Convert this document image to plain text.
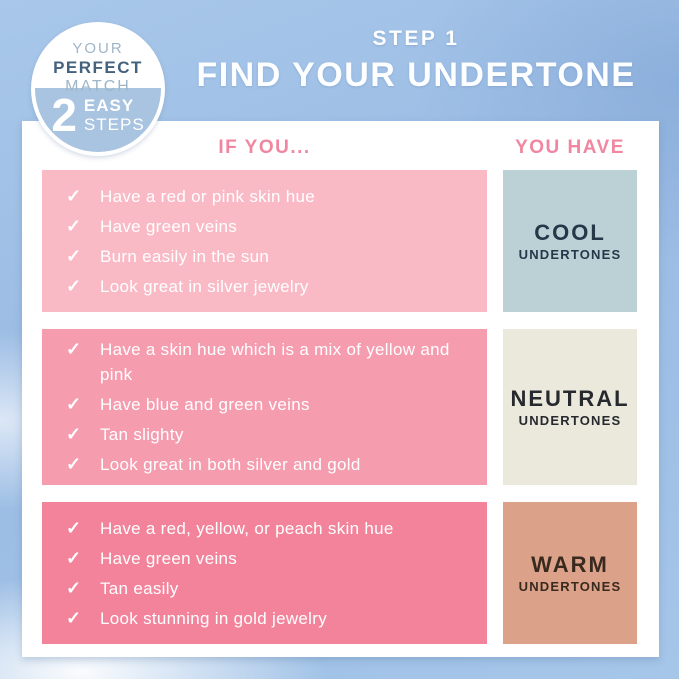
YOUR
PERFECT
MATCH
2 EASY
STEPS
STEP 1
FIND YOUR UNDERTONE
IF YOU...	YOU HAVE
✓	Have a red or pink skin hue
✓	Have green veins
✓	Burn easily in the sun
✓	Look great in silver jewelry
COOL
UNDERTONES
✓	Have a skin hue which is a mix of yellow and pink
✓	Have blue and green veins
✓	Tan slighty
✓	Look great in both silver and gold
NEUTRAL
UNDERTONES
✓	Have a red, yellow, or peach skin hue
✓	Have green veins
✓	Tan easily
✓	Look stunning in gold jewelry
WARM
UNDERTONES
